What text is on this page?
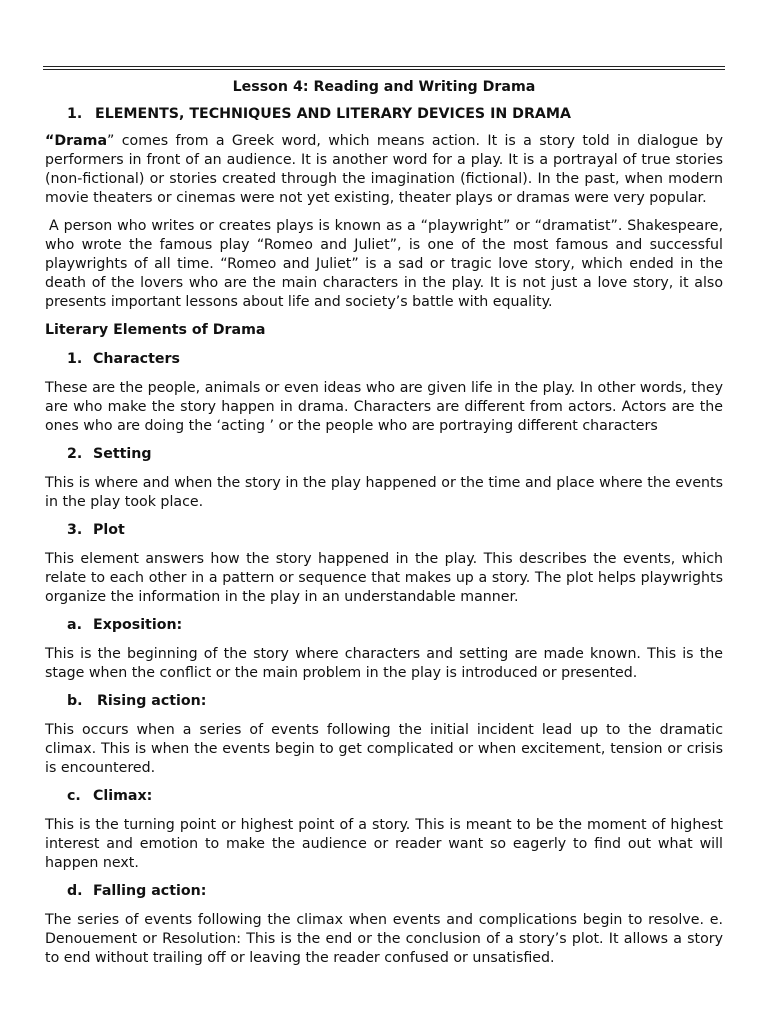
Lesson 4: Reading and Writing Drama
1. ELEMENTS, TECHNIQUES AND LITERARY DEVICES IN DRAMA

“Drama” comes from a Greek word, which means action. It is a story told in dialogue by performers in front of an audience. It is another word for a play. It is a portrayal of true stories (non-fictional) or stories created through the imagination (fictional). In the past, when modern movie theaters or cinemas were not yet existing, theater plays or dramas were very popular.

A person who writes or creates plays is known as a “playwright” or “dramatist”. Shakespeare, who wrote the famous play “Romeo and Juliet”, is one of the most famous and successful playwrights of all time. “Romeo and Juliet” is a sad or tragic love story, which ended in the death of the lovers who are the main characters in the play. It is not just a love story, it also presents important lessons about life and society’s battle with equality.

Literary Elements of Drama
1. Characters

These are the people, animals or even ideas who are given life in the play. In other words, they are who make the story happen in drama. Characters are different from actors. Actors are the ones who are doing the ‘acting ’ or the people who are portraying different characters

2. Setting

This is where and when the story in the play happened or the time and place where the events in the play took place.

3. Plot

This element answers how the story happened in the play. This describes the events, which relate to each other in a pattern or sequence that makes up a story. The plot helps playwrights organize the information in the play in an understandable manner.

a. Exposition:

This is the beginning of the story where characters and setting are made known. This is the stage when the conflict or the main problem in the play is introduced or presented.

b. Rising action:

This occurs when a series of events following the initial incident lead up to the dramatic climax. This is when the events begin to get complicated or when excitement, tension or crisis is encountered.

c. Climax:

This is the turning point or highest point of a story. This is meant to be the moment of highest interest and emotion to make the audience or reader want so eagerly to find out what will happen next.

d. Falling action:

The series of events following the climax when events and complications begin to resolve. e. Denouement or Resolution: This is the end or the conclusion of a story’s plot. It allows a story to end without trailing off or leaving the reader confused or unsatisfied.
